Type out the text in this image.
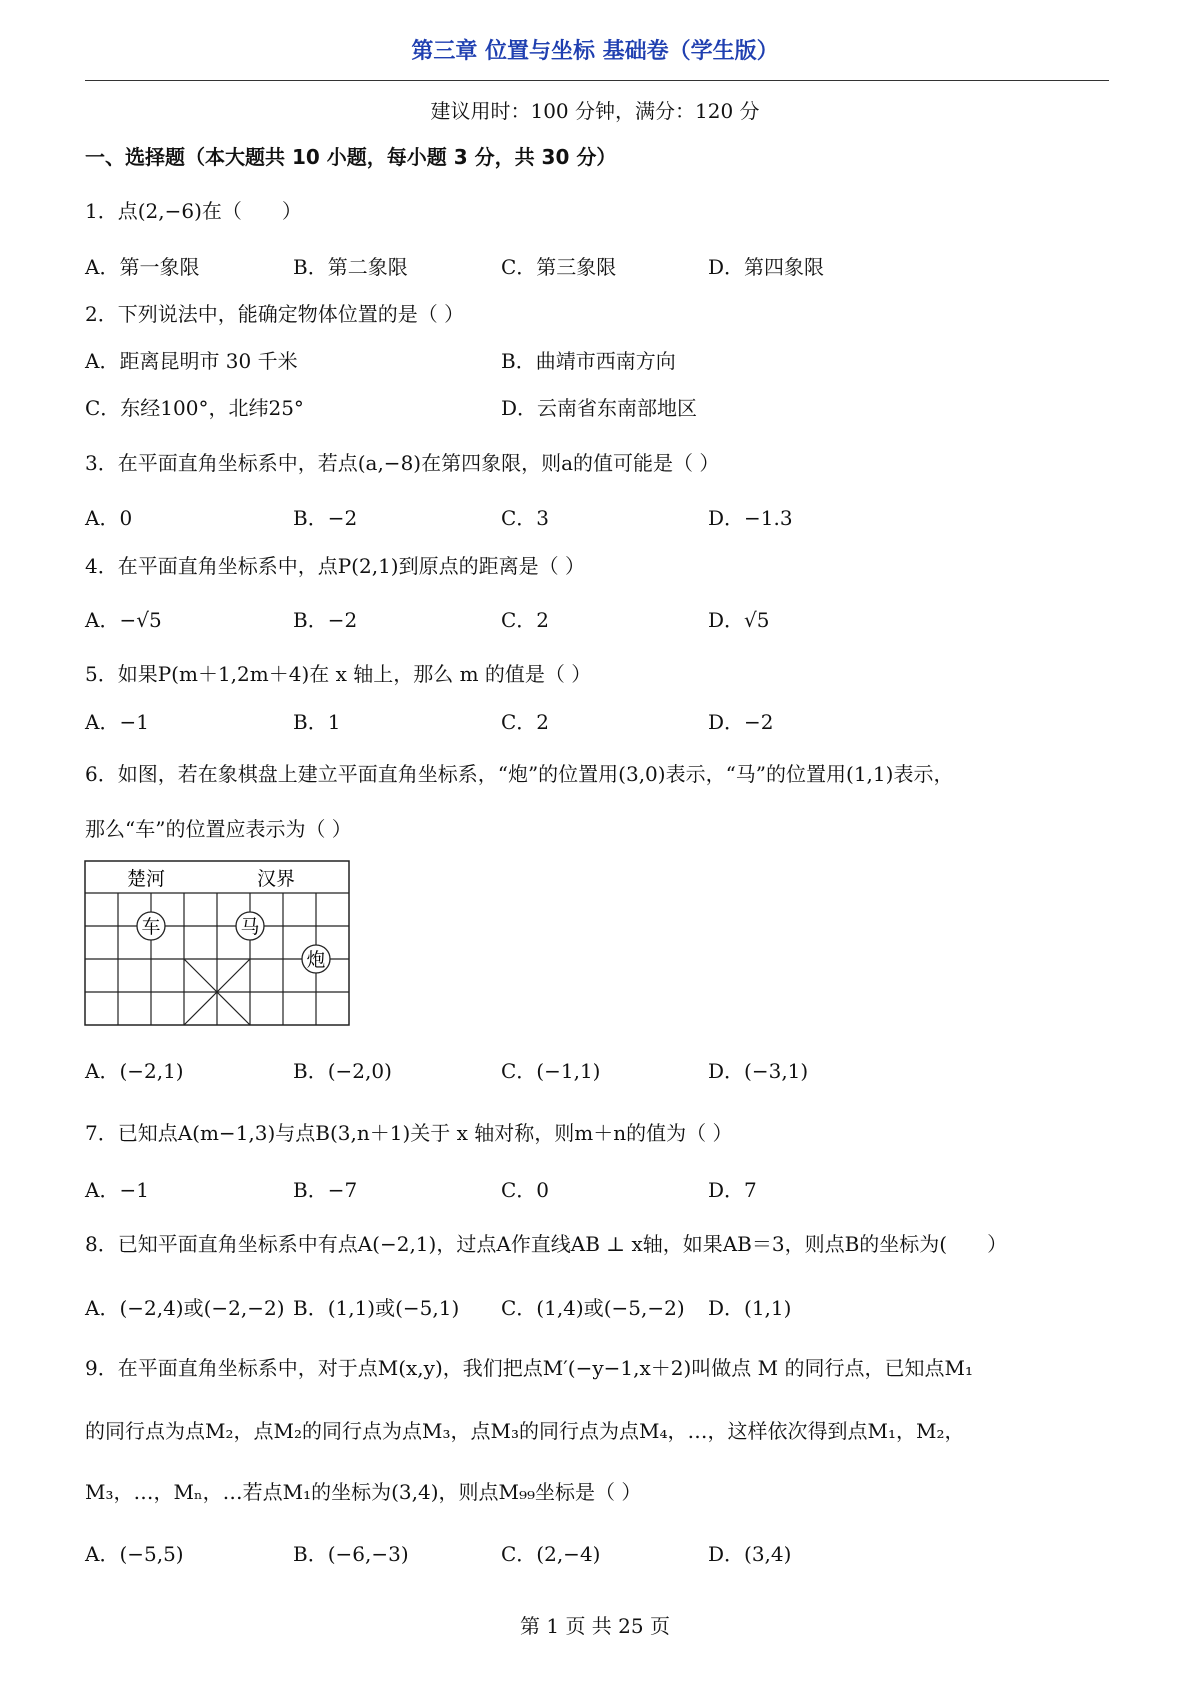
第三章 位置与坐标 基础卷（学生版）
建议用时：100 分钟，满分：120 分
一、选择题（本大题共 10 小题，每小题 3 分，共 30 分）
1．点(2,−6)在（　　）
A．第一象限	B．第二象限	C．第三象限	D．第四象限
2．下列说法中，能确定物体位置的是（ ）
A．距离昆明市 30 千米	B．曲靖市西南方向
C．东经100°，北纬25°	D．云南省东南部地区
3．在平面直角坐标系中，若点(a,−8)在第四象限，则a的值可能是（ ）
A．0	B．−2	C．3	D．−1.3
4．在平面直角坐标系中，点P(2,1)到原点的距离是（ ）
A．−√5	B．−2	C．2	D．√5
5．如果P(m＋1,2m＋4)在 x 轴上，那么 m 的值是（ ）
A．−1	B．1	C．2	D．−2
6．如图，若在象棋盘上建立平面直角坐标系，“炮”的位置用(3,0)表示，“马”的位置用(1,1)表示，
那么“车”的位置应表示为（ ）
楚河	汉界
车	马
炮
A．(−2,1)	B．(−2,0)	C．(−1,1)	D．(−3,1)
7．已知点A(m−1,3)与点B(3,n＋1)关于 x 轴对称，则m＋n的值为（ ）
A．−1	B．−7	C．0	D．7
8．已知平面直角坐标系中有点A(−2,1)，过点A作直线AB ⊥ x轴，如果AB＝3，则点B的坐标为(　　）
A．(−2,4)或(−2,−2) B．(1,1)或(−5,1) C．(1,4)或(−5,−2) D．(1,1)
9．在平面直角坐标系中，对于点M(x,y)，我们把点M′(−y−1,x＋2)叫做点 M 的同行点，已知点M₁
的同行点为点M₂，点M₂的同行点为点M₃，点M₃的同行点为点M₄，…，这样依次得到点M₁，M₂，
M₃，…，Mₙ，…若点M₁的坐标为(3,4)，则点M₉₉坐标是（ ）
A．(−5,5)	B．(−6,−3)	C．(2,−4)	D．(3,4)
第 1 页 共 25 页
